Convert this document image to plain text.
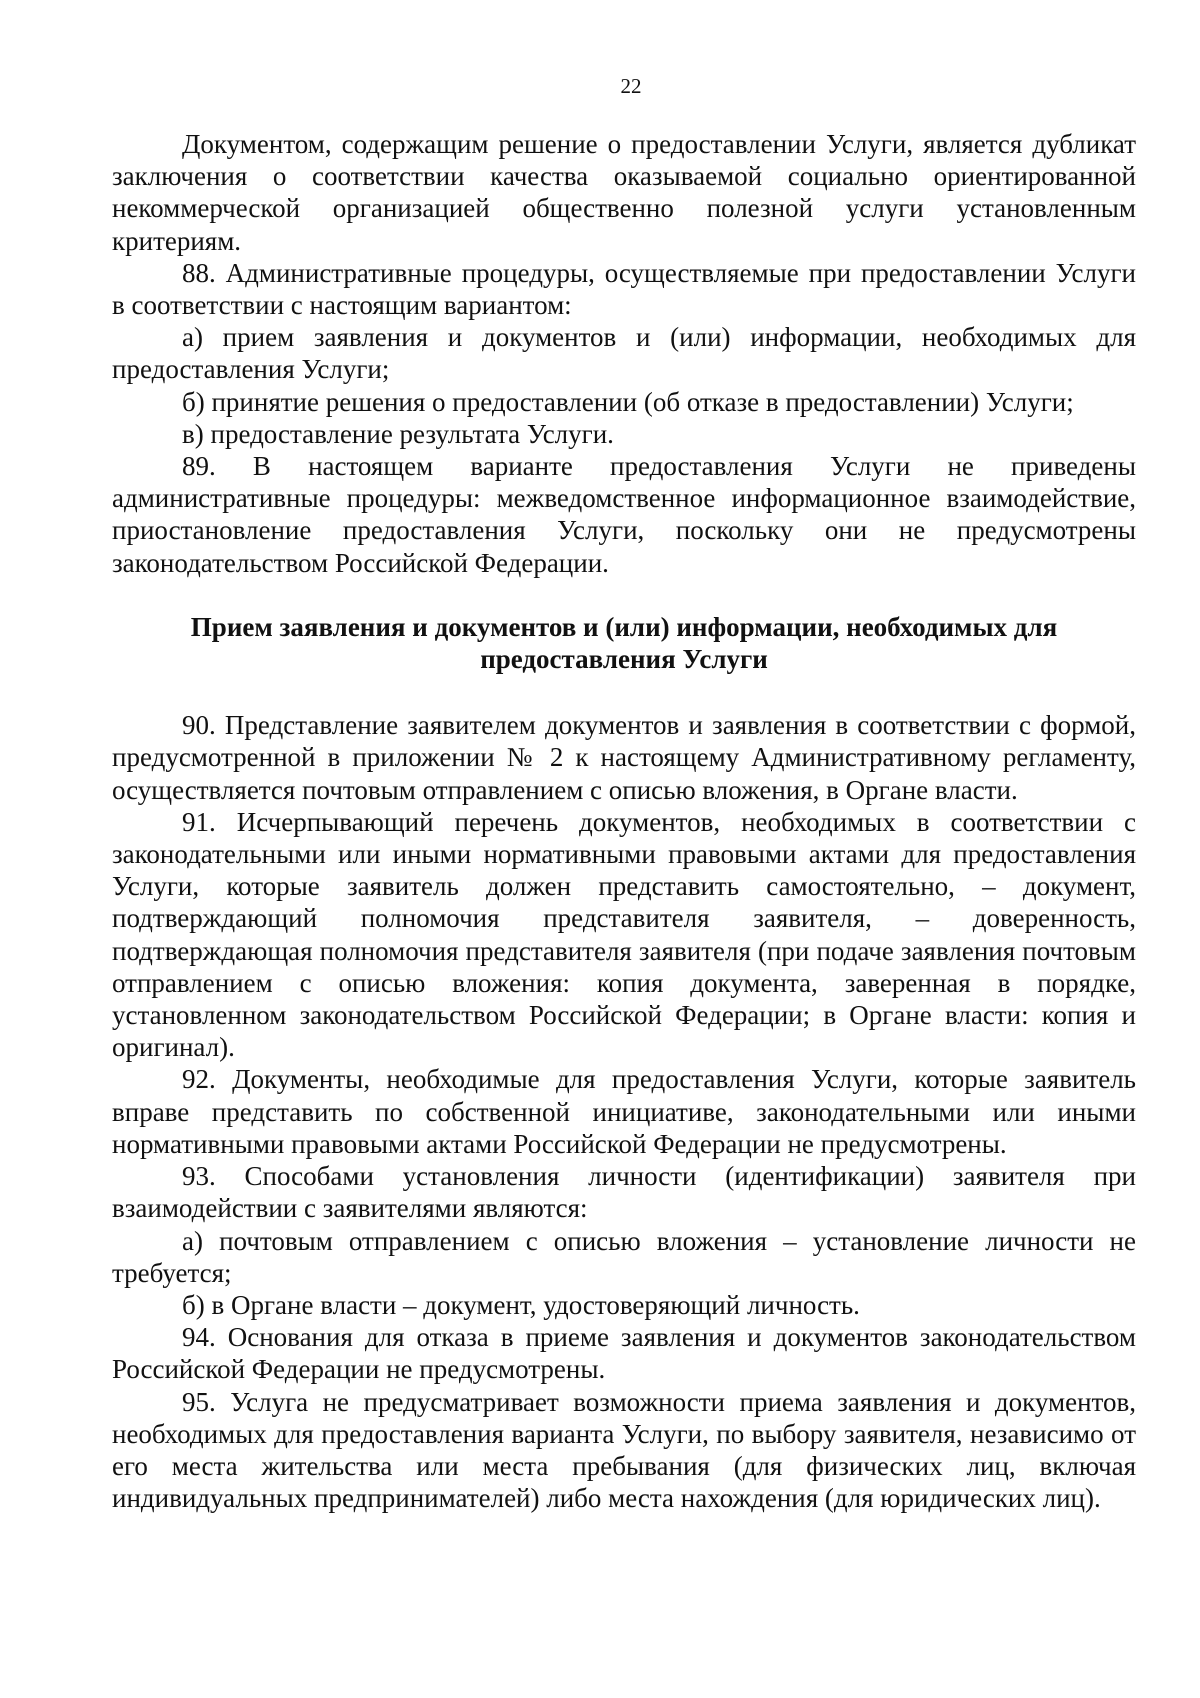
22

Документом, содержащим решение о предоставлении Услуги, является дубликат заключения о соответствии качества оказываемой социально ориентированной некоммерческой организацией общественно полезной услуги установленным критериям.

88. Административные процедуры, осуществляемые при предоставлении Услуги в соответствии с настоящим вариантом:

а) прием заявления и документов и (или) информации, необходимых для предоставления Услуги;

б) принятие решения о предоставлении (об отказе в предоставлении) Услуги;

в) предоставление результата Услуги.

89. В настоящем варианте предоставления Услуги не приведены административные процедуры: межведомственное информационное взаимодействие, приостановление предоставления Услуги, поскольку они не предусмотрены законодательством Российской Федерации.

Прием заявления и документов и (или) информации, необходимых для
предоставления Услуги

90. Представление заявителем документов и заявления в соответствии с формой, предусмотренной в приложении № 2 к настоящему Административному регламенту, осуществляется почтовым отправлением с описью вложения, в Органе власти.

91. Исчерпывающий перечень документов, необходимых в соответствии с законодательными или иными нормативными правовыми актами для предоставления Услуги, которые заявитель должен представить самостоятельно, – документ, подтверждающий полномочия представителя заявителя, – доверенность, подтверждающая полномочия представителя заявителя (при подаче заявления почтовым отправлением с описью вложения: копия документа, заверенная в порядке, установленном законодательством Российской Федерации; в Органе власти: копия и оригинал).

92. Документы, необходимые для предоставления Услуги, которые заявитель вправе представить по собственной инициативе, законодательными или иными нормативными правовыми актами Российской Федерации не предусмотрены.

93. Способами установления личности (идентификации) заявителя при взаимодействии с заявителями являются:

а) почтовым отправлением с описью вложения – установление личности не требуется;

б) в Органе власти – документ, удостоверяющий личность.

94. Основания для отказа в приеме заявления и документов законодательством Российской Федерации не предусмотрены.

95. Услуга не предусматривает возможности приема заявления и документов, необходимых для предоставления варианта Услуги, по выбору заявителя, независимо от его места жительства или места пребывания (для физических лиц, включая индивидуальных предпринимателей) либо места нахождения (для юридических лиц).
